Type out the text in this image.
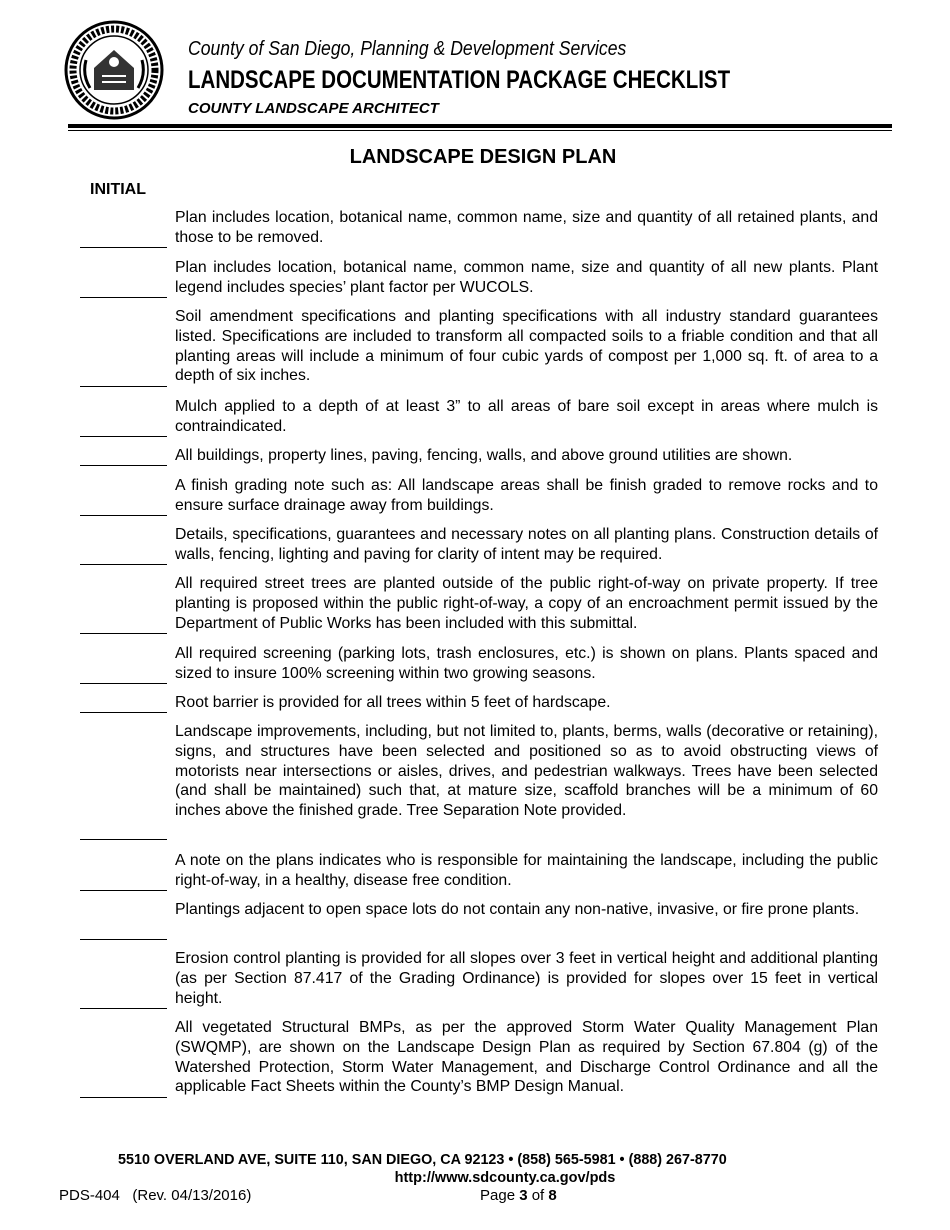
County of San Diego, Planning & Development Services
LANDSCAPE DOCUMENTATION PACKAGE CHECKLIST
COUNTY LANDSCAPE ARCHITECT
LANDSCAPE DESIGN PLAN
INITIAL
Plan includes location, botanical name, common name, size and quantity of all retained plants, and those to be removed.
Plan includes location, botanical name, common name, size and quantity of all new plants. Plant legend includes species’ plant factor per WUCOLS.
Soil amendment specifications and planting specifications with all industry standard guarantees listed. Specifications are included to transform all compacted soils to a friable condition and that all planting areas will include a minimum of four cubic yards of compost per 1,000 sq. ft. of area to a depth of six inches.
Mulch applied to a depth of at least 3” to all areas of bare soil except in areas where mulch is contraindicated.
All buildings, property lines, paving, fencing, walls, and above ground utilities are shown.
A finish grading note such as: All landscape areas shall be finish graded to remove rocks and to ensure surface drainage away from buildings.
Details, specifications, guarantees and necessary notes on all planting plans. Construction details of walls, fencing, lighting and paving for clarity of intent may be required.
All required street trees are planted outside of the public right-of-way on private property. If tree planting is proposed within the public right-of-way, a copy of an encroachment permit issued by the Department of Public Works has been included with this submittal.
All required screening (parking lots, trash enclosures, etc.) is shown on plans. Plants spaced and sized to insure 100% screening within two growing seasons.
Root barrier is provided for all trees within 5 feet of hardscape.
Landscape improvements, including, but not limited to, plants, berms, walls (decorative or retaining), signs, and structures have been selected and positioned so as to avoid obstructing views of motorists near intersections or aisles, drives, and pedestrian walkways. Trees have been selected (and shall be maintained) such that, at mature size, scaffold branches will be a minimum of 60 inches above the finished grade. Tree Separation Note provided.
A note on the plans indicates who is responsible for maintaining the landscape, including the public right-of-way, in a healthy, disease free condition.
Plantings adjacent to open space lots do not contain any non-native, invasive, or fire prone plants.
Erosion control planting is provided for all slopes over 3 feet in vertical height and additional planting (as per Section 87.417 of the Grading Ordinance) is provided for slopes over 15 feet in vertical height.
All vegetated Structural BMPs, as per the approved Storm Water Quality Management Plan (SWQMP), are shown on the Landscape Design Plan as required by Section 67.804 (g) of the Watershed Protection, Storm Water Management, and Discharge Control Ordinance and all the applicable Fact Sheets within the County’s BMP Design Manual.
5510 OVERLAND AVE, SUITE 110, SAN DIEGO, CA 92123 • (858) 565-5981 • (888) 267-8770
http://www.sdcounty.ca.gov/pds
PDS-404   (Rev. 04/13/2016)	Page 3 of 8
